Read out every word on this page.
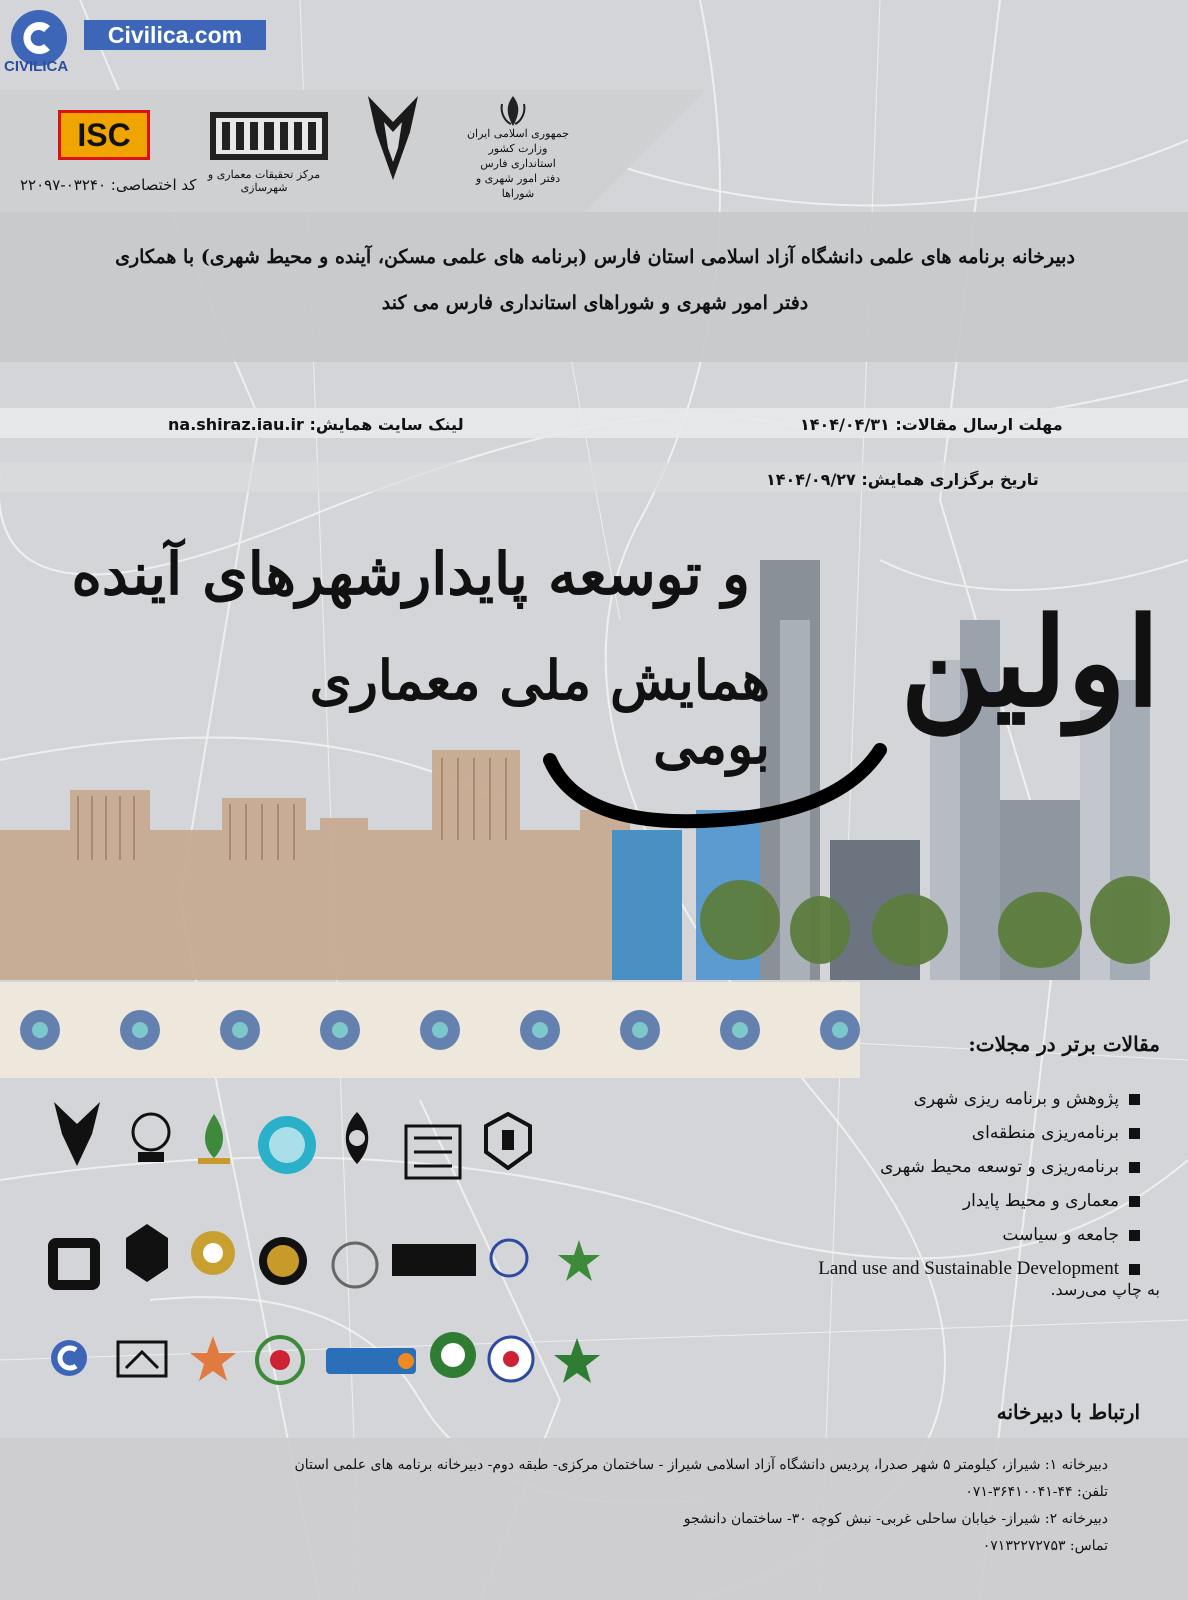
Civilica.com
CIVILICA
ISC
کد اختصاصی: ۰۳۲۴۰-۲۲۰۹۷
مرکز تحقیقات معماری و شهرسازی
جمهوری اسلامی ایران
وزارت کشور
استانداری فارس
دفتر امور شهری و شوراها
دبیرخانه برنامه های علمی دانشگاه آزاد اسلامی استان فارس (برنامه های علمی مسکن، آینده و محیط شهری) با همکاری
دفتر امور شهری و شوراهای استانداری فارس می کند
مهلت ارسال مقالات: ۱۴۰۴/۰۴/۳۱
لینک سایت همایش: na.shiraz.iau.ir
تاریخ برگزاری همایش: ۱۴۰۴/۰۹/۲۷
و توسعه پایدارشهرهای آینده
همایش ملی معماری بومی
اولین
مقالات برتر در مجلات:
پژوهش و برنامه ریزی شهری
برنامه‌ریزی منطقه‌ای
برنامه‌ریزی و توسعه محیط شهری
معماری و محیط پایدار
جامعه و سیاست
Land use and Sustainable Development
به چاپ می‌رسد.
ارتباط با دبیرخانه
دبیرخانه ۱: شیراز، کیلومتر ۵ شهر صدرا، پردیس دانشگاه آزاد اسلامی شیراز - ساختمان مرکزی- طبقه دوم- دبیرخانه برنامه های علمی استان
تلفن: ۴۴-۳۶۴۱۰۰۴۱-۰۷۱
دبیرخانه ۲: شیراز- خیابان ساحلی غربی- نبش کوچه ۳۰- ساختمان دانشجو
تماس: ۰۷۱۳۲۲۷۲۷۵۳
